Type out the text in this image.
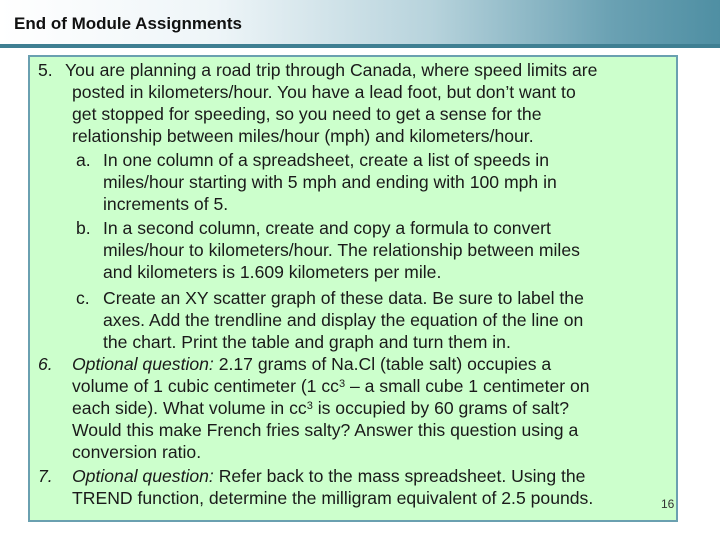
End of Module Assignments
5. You are planning a road trip through Canada, where speed limits are
posted in kilometers/hour. You have a lead foot, but don’t want to
get stopped for speeding, so you need to get a sense for the
relationship between miles/hour (mph) and kilometers/hour.
a. In one column of a spreadsheet, create a list of speeds in
miles/hour starting with 5 mph and ending with 100 mph in
increments of 5.
b. In a second column, create and copy a formula to convert
miles/hour to kilometers/hour. The relationship between miles
and kilometers is 1.609 kilometers per mile.
c. Create an XY scatter graph of these data. Be sure to label the
axes. Add the trendline and display the equation of the line on
the chart. Print the table and graph and turn them in.
6. Optional question: 2.17 grams of Na.Cl (table salt) occupies a
volume of 1 cubic centimeter (1 $cc^3$ – a small cube 1 centimeter on
each side). What volume in $cc^3$ is occupied by 60 grams of salt?
Would this make French fries salty? Answer this question using a
conversion ratio.
7. Optional question: Refer back to the mass spreadsheet. Using the
TREND function, determine the milligram equivalent of 2.5 pounds.	16
